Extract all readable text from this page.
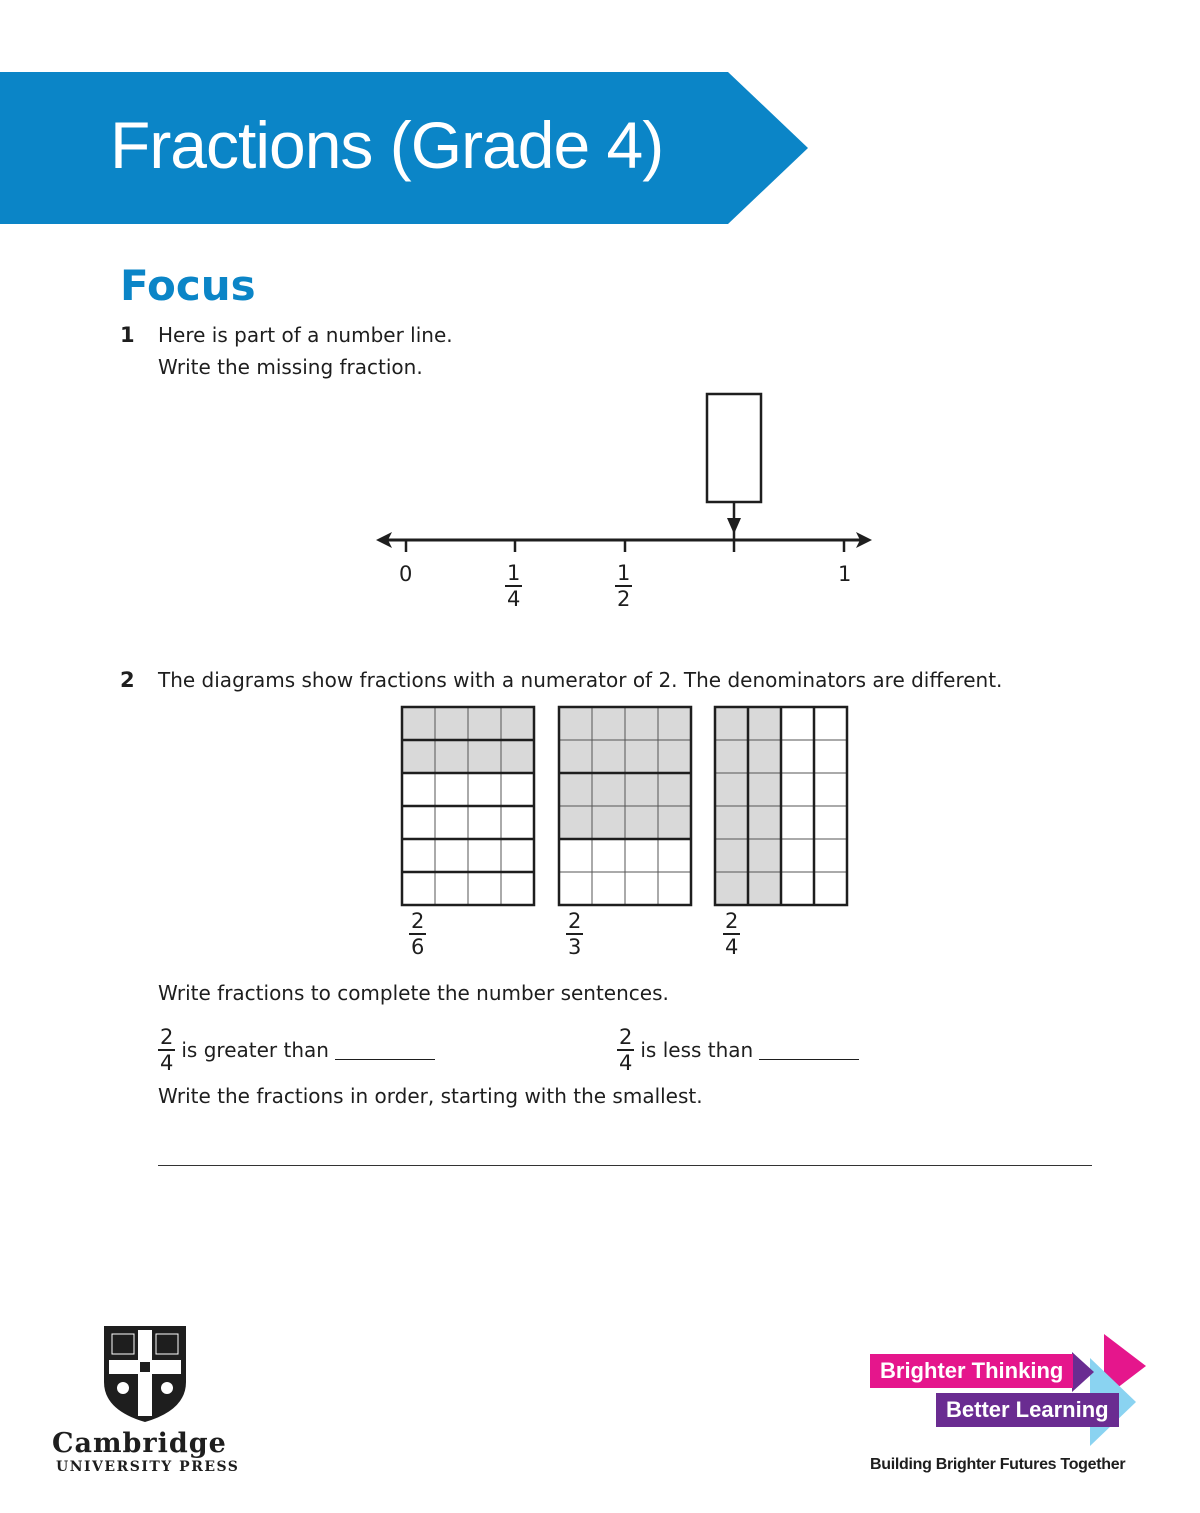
Fractions (Grade 4)
Focus
1 Here is part of a number line.
Write the missing fraction.
0	$\frac{1}{4}$	$\frac{1}{2}$	1
2 The diagrams show fractions with a numerator of 2. The denominators are different.
$\frac{2}{6}$	$\frac{2}{3}$	$\frac{2}{4}$
Write fractions to complete the number sentences.
$\frac{2}{4}$ is greater than	$\frac{2}{4}$ is less than
Write the fractions in order, starting with the smallest.
Cambridge
UNIVERSITY PRESS
Brighter Thinking
Better Learning
Building Brighter Futures Together
